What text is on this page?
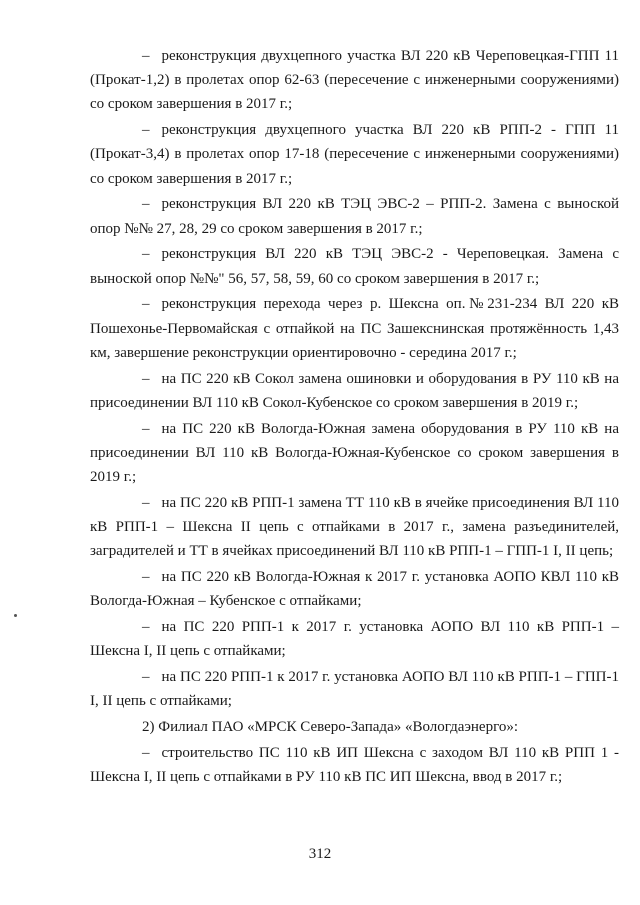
– реконструкция двухцепного участка ВЛ 220 кВ Череповецкая-ГПП 11 (Прокат-1,2) в пролетах опор 62-63 (пересечение с инженерными сооружениями) со сроком завершения в 2017 г.;

– реконструкция двухцепного участка ВЛ 220 кВ РПП-2 - ГПП 11 (Прокат-3,4) в пролетах опор 17-18 (пересечение с инженерными сооружениями) со сроком завершения в 2017 г.;

– реконструкция ВЛ 220 кВ ТЭЦ ЭВС-2 – РПП-2. Замена с выноской опор №№ 27, 28, 29 со сроком завершения в 2017 г.;

– реконструкция ВЛ 220 кВ ТЭЦ ЭВС-2 - Череповецкая. Замена с выноской опор №№" 56, 57, 58, 59, 60 со сроком завершения в 2017 г.;

– реконструкция перехода через р. Шексна оп.№231-234 ВЛ 220 кВ Пошехонье-Первомайская с отпайкой на ПС Зашекснинская протяжённость 1,43 км, завершение реконструкции ориентировочно - середина 2017 г.;

– на ПС 220 кВ Сокол замена ошиновки и оборудования в РУ 110 кВ на присоединении ВЛ 110 кВ Сокол-Кубенское со сроком завершения в 2019 г.;

– на ПС 220 кВ Вологда-Южная замена оборудования в РУ 110 кВ на присоединении ВЛ 110 кВ Вологда-Южная-Кубенское со сроком завершения в 2019 г.;

– на ПС 220 кВ РПП-1 замена ТТ 110 кВ в ячейке присоединения ВЛ 110 кВ РПП-1 – Шексна II цепь с отпайками в 2017 г., замена разъединителей, заградителей и ТТ в ячейках присоединений ВЛ 110 кВ РПП-1 – ГПП-1 I, II цепь;

– на ПС 220 кВ Вологда-Южная к 2017 г. установка АОПО КВЛ 110 кВ Вологда-Южная – Кубенское с отпайками;

– на ПС 220 РПП-1 к 2017 г. установка АОПО ВЛ 110 кВ РПП-1 – Шексна I, II цепь с отпайками;

– на ПС 220 РПП-1 к 2017 г. установка АОПО ВЛ 110 кВ РПП-1 – ГПП-1 I, II цепь с отпайками;

2) Филиал ПАО «МРСК Северо-Запада» «Вологдаэнерго»:

– строительство ПС 110 кВ ИП Шексна с заходом ВЛ 110 кВ РПП 1 - Шексна I, II цепь с отпайками в РУ 110 кВ ПС ИП Шексна, ввод в 2017 г.;

312
